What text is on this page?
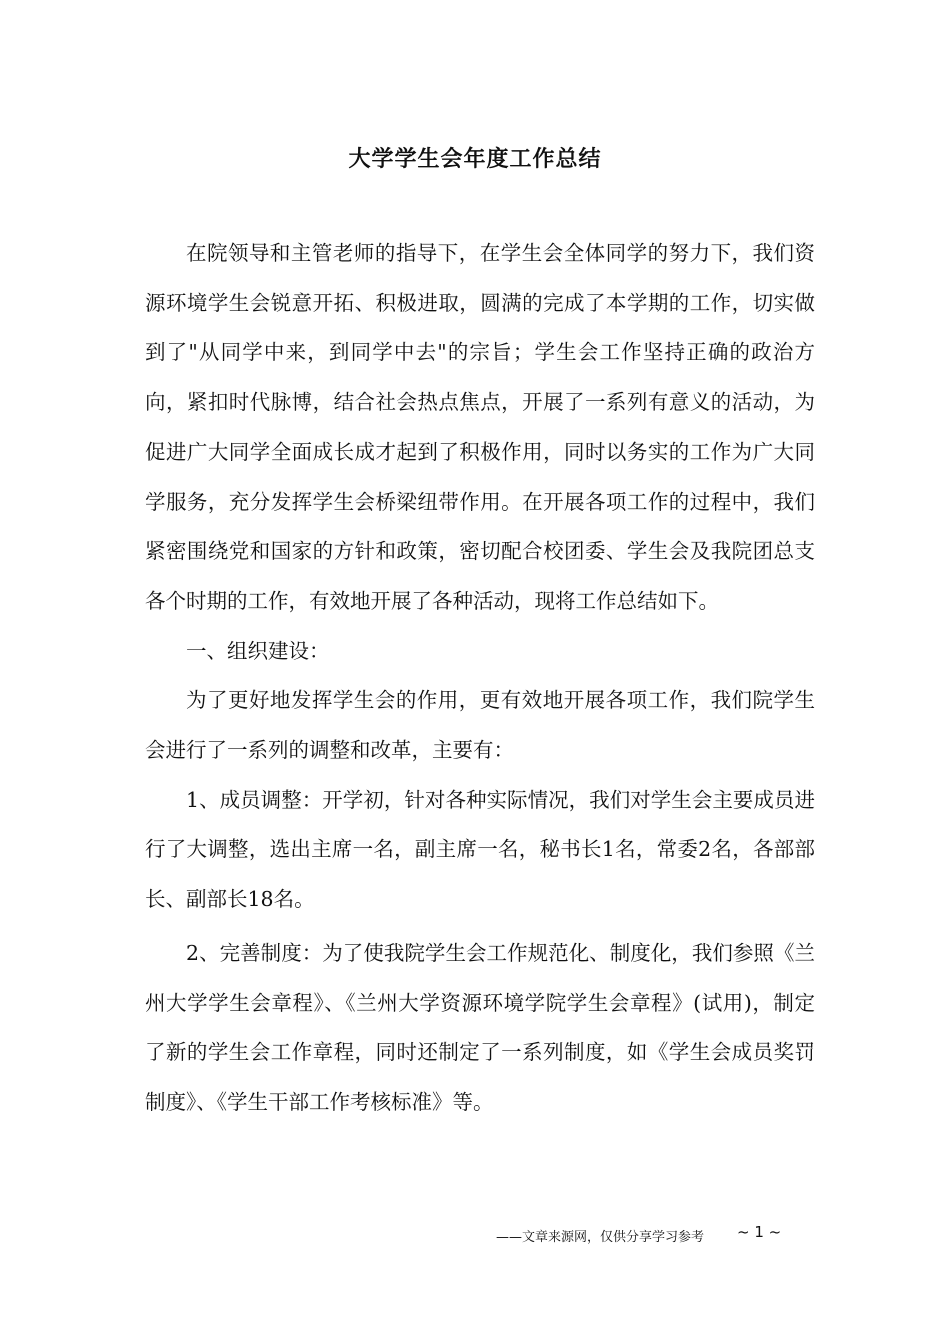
大学学生会年度工作总结

在院领导和主管老师的指导下，在学生会全体同学的努力下，我们资源环境学生会锐意开拓、积极进取，圆满的完成了本学期的工作，切实做到了"从同学中来，到同学中去"的宗旨；学生会工作坚持正确的政治方向，紧扣时代脉博，结合社会热点焦点，开展了一系列有意义的活动，为促进广大同学全面成长成才起到了积极作用，同时以务实的工作为广大同学服务，充分发挥学生会桥梁纽带作用。在开展各项工作的过程中，我们紧密围绕党和国家的方针和政策，密切配合校团委、学生会及我院团总支各个时期的工作，有效地开展了各种活动，现将工作总结如下。

一、组织建设：

为了更好地发挥学生会的作用，更有效地开展各项工作，我们院学生会进行了一系列的调整和改革，主要有：

1、成员调整：开学初，针对各种实际情况，我们对学生会主要成员进行了大调整，选出主席一名，副主席一名，秘书长1名，常委2名，各部部长、副部长18名。

2、完善制度：为了使我院学生会工作规范化、制度化，我们参照《兰州大学学生会章程》、《兰州大学资源环境学院学生会章程》(试用)，制定了新的学生会工作章程，同时还制定了一系列制度，如《学生会成员奖罚制度》、《学生干部工作考核标准》等。

——文章来源网，仅供分享学习参考 ~ 1 ~
